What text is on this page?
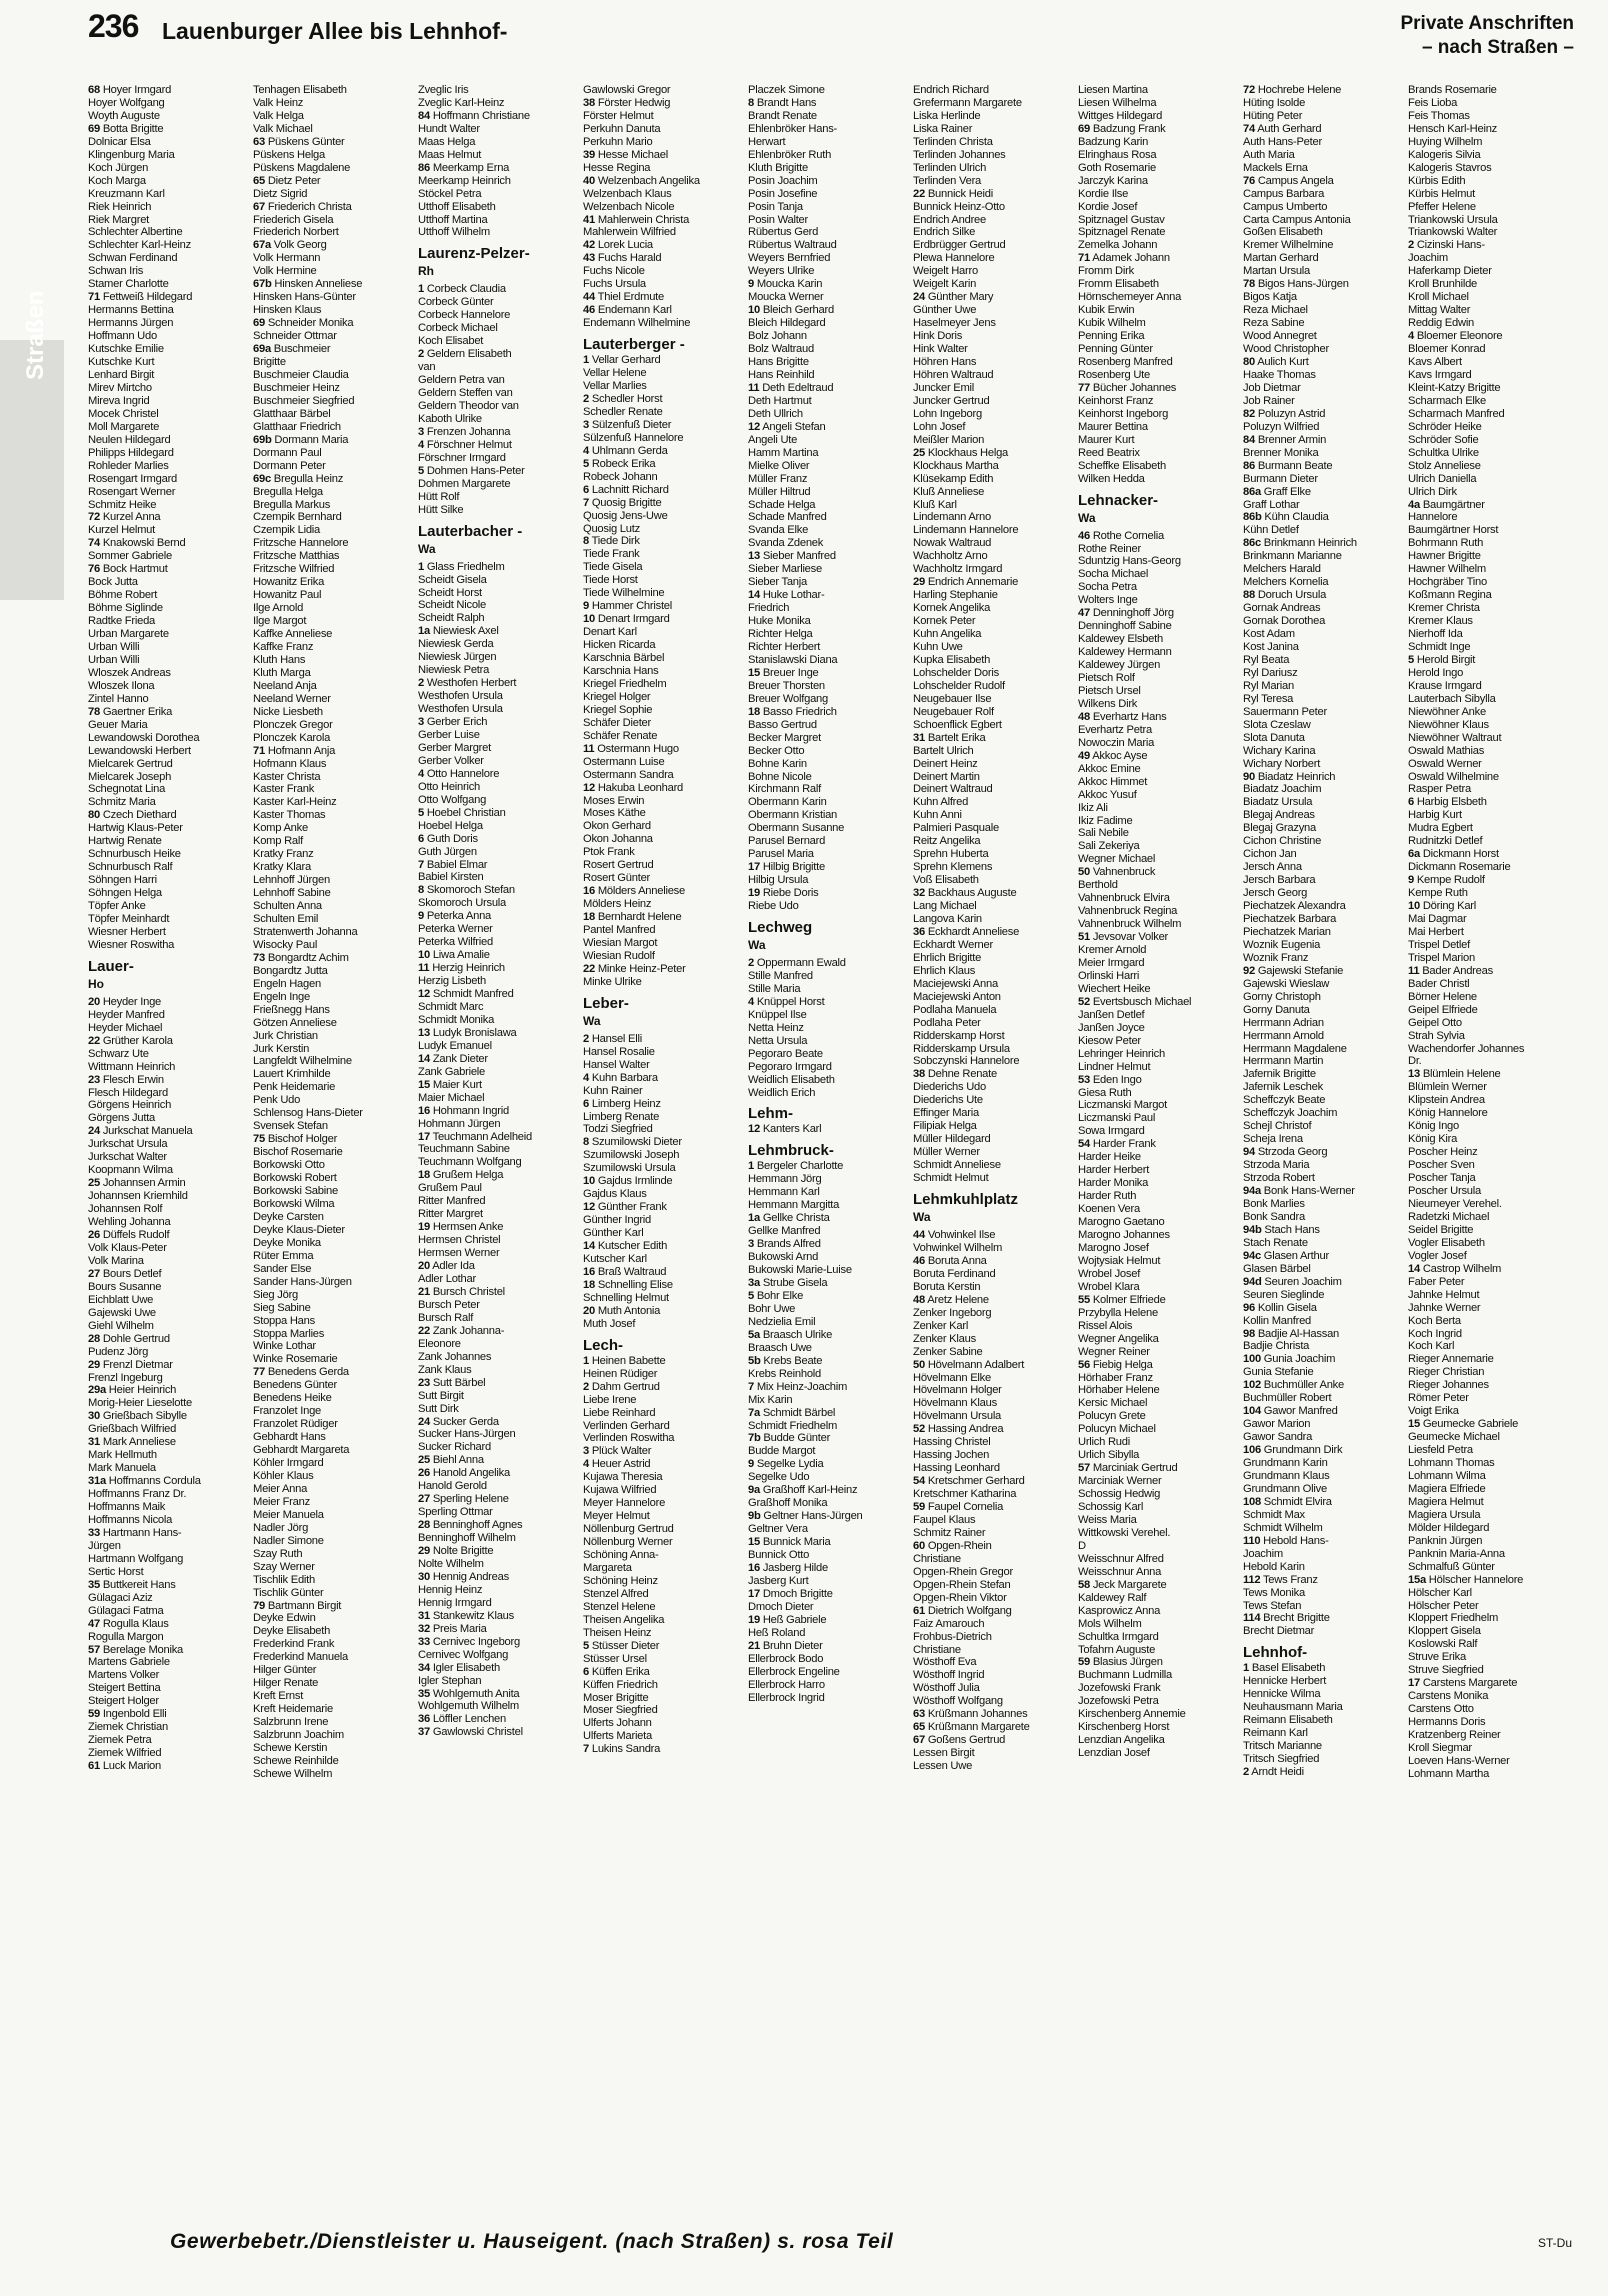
Straßen
236 Lauenburger Allee bis Lehnhof-	Private Anschriften
– nach Straßen –
68 Hoyer Irmgard
Hoyer Wolfgang
Woyth Auguste
69 Botta Brigitte
Dolnicar Elsa
Klingenburg Maria
Koch Jürgen
Koch Marga
Kreuzmann Karl
Riek Heinrich
Riek Margret
Schlechter Albertine
Schlechter Karl-Heinz
Schwan Ferdinand
Schwan Iris
Stamer Charlotte
71 Fettweiß Hildegard
Hermanns Bettina
Hermanns Jürgen
Hoffmann Udo
Kutschke Emilie
Kutschke Kurt
Lenhard Birgit
Mirev Mirtcho
Mireva Ingrid
Mocek Christel
Moll Margarete
Neulen Hildegard
Philipps Hildegard
Rohleder Marlies
Rosengart Irmgard
Rosengart Werner
Schmitz Heike
72 Kurzel Anna
Kurzel Helmut
74 Knakowski Bernd
Sommer Gabriele
76 Bock Hartmut
Bock Jutta
Böhme Robert
Böhme Siglinde
Radtke Frieda
Urban Margarete
Urban Willi
Urban Willi
Wloszek Andreas
Wloszek Ilona
Zintel Hanno
78 Gaertner Erika
Geuer Maria
Lewandowski Dorothea
Lewandowski Herbert
Mielcarek Gertrud
Mielcarek Joseph
Schegnotat Lina
Schmitz Maria
80 Czech Diethard
Hartwig Klaus-Peter
Hartwig Renate
Schnurbusch Heike
Schnurbusch Ralf
Söhngen Harri
Söhngen Helga
Töpfer Anke
Töpfer Meinhardt
Wiesner Herbert
Wiesner Roswitha
Lauer-
Ho
20 Heyder Inge
Heyder Manfred
Heyder Michael
22 Grüther Karola
Schwarz Ute
Wittmann Heinrich
23 Flesch Erwin
Flesch Hildegard
Görgens Heinrich
Görgens Jutta
24 Jurkschat Manuela
Jurkschat Ursula
Jurkschat Walter
Koopmann Wilma
25 Johannsen Armin
Johannsen Kriemhild
Johannsen Rolf
Wehling Johanna
26 Düffels Rudolf
Volk Klaus-Peter
Volk Marina
27 Bours Detlef
Bours Susanne
Eichblatt Uwe
Gajewski Uwe
Giehl Wilhelm
28 Dohle Gertrud
Pudenz Jörg
29 Frenzl Dietmar
Frenzl Ingeburg
29a Heier Heinrich
Morig-Heier Lieselotte
30 Grießbach Sibylle
Grießbach Wilfried
31 Mark Anneliese
Mark Hellmuth
Mark Manuela
31a Hoffmanns Cordula
Hoffmanns Franz Dr.
Hoffmanns Maik
Hoffmanns Nicola
33 Hartmann Hans-
Jürgen
Hartmann Wolfgang
Sertic Horst
35 Buttkereit Hans
Gülagaci Aziz
Gülagaci Fatma
47 Rogulla Klaus
Rogulla Margon
57 Berelage Monika
Martens Gabriele
Martens Volker
Steigert Bettina
Steigert Holger
59 Ingenbold Elli
Ziemek Christian
Ziemek Petra
Ziemek Wilfried
61 Luck Marion
Tenhagen Elisabeth
Valk Heinz
Valk Helga
Valk Michael
63 Püskens Günter
Püskens Helga
Püskens Magdalene
65 Dietz Peter
Dietz Sigrid
67 Friederich Christa
Friederich Gisela
Friederich Norbert
67a Volk Georg
Volk Hermann
Volk Hermine
67b Hinsken Anneliese
Hinsken Hans-Günter
Hinsken Klaus
69 Schneider Monika
Schneider Ottmar
69a Buschmeier
Brigitte
Buschmeier Claudia
Buschmeier Heinz
Buschmeier Siegfried
Glatthaar Bärbel
Glatthaar Friedrich
69b Dormann Maria
Dormann Paul
Dormann Peter
69c Bregulla Heinz
Bregulla Helga
Bregulla Markus
Czempik Bernhard
Czempik Lidia
Fritzsche Hannelore
Fritzsche Matthias
Fritzsche Wilfried
Howanitz Erika
Howanitz Paul
Ilge Arnold
Ilge Margot
Kaffke Anneliese
Kaffke Franz
Kluth Hans
Kluth Marga
Neeland Anja
Neeland Werner
Nicke Liesbeth
Plonczek Gregor
Plonczek Karola
71 Hofmann Anja
Hofmann Klaus
Kaster Christa
Kaster Frank
Kaster Karl-Heinz
Kaster Thomas
Komp Anke
Komp Ralf
Kratky Franz
Kratky Klara
Lehnhoff Jürgen
Lehnhoff Sabine
Schulten Anna
Schulten Emil
Stratenwerth Johanna
Wisocky Paul
73 Bongardtz Achim
Bongardtz Jutta
Engeln Hagen
Engeln Inge
Frießnegg Hans
Götzen Anneliese
Jurk Christian
Jurk Kerstin
Langfeldt Wilhelmine
Lauert Krimhilde
Penk Heidemarie
Penk Udo
Schlensog Hans-Dieter
Svensek Stefan
75 Bischof Holger
Bischof Rosemarie
Borkowski Otto
Borkowski Robert
Borkowski Sabine
Borkowski Wilma
Deyke Carsten
Deyke Klaus-Dieter
Deyke Monika
Rüter Emma
Sander Else
Sander Hans-Jürgen
Sieg Jörg
Sieg Sabine
Stoppa Hans
Stoppa Marlies
Winke Lothar
Winke Rosemarie
77 Benedens Gerda
Benedens Günter
Benedens Heike
Franzolet Inge
Franzolet Rüdiger
Gebhardt Hans
Gebhardt Margareta
Köhler Irmgard
Köhler Klaus
Meier Anna
Meier Franz
Meier Manuela
Nadler Jörg
Nadler Simone
Szay Ruth
Szay Werner
Tischlik Edith
Tischlik Günter
79 Bartmann Birgit
Deyke Edwin
Deyke Elisabeth
Frederkind Frank
Frederkind Manuela
Hilger Günter
Hilger Renate
Kreft Ernst
Kreft Heidemarie
Salzbrunn Irene
Salzbrunn Joachim
Schewe Kerstin
Schewe Reinhilde
Schewe Wilhelm
Zveglic Iris
Zveglic Karl-Heinz
84 Hoffmann Christiane
Hundt Walter
Maas Helga
Maas Helmut
86 Meerkamp Erna
Meerkamp Heinrich
Stöckel Petra
Utthoff Elisabeth
Utthoff Martina
Utthoff Wilhelm
Laurenz-Pelzer-
Rh
1 Corbeck Claudia
Corbeck Günter
Corbeck Hannelore
Corbeck Michael
Koch Elisabet
2 Geldern Elisabeth
van
Geldern Petra van
Geldern Steffen van
Geldern Theodor van
Kaboth Ulrike
3 Frenzen Johanna
4 Förschner Helmut
Förschner Irmgard
5 Dohmen Hans-Peter
Dohmen Margarete
Hütt Rolf
Hütt Silke
Lauterbacher -
Wa
1 Glass Friedhelm
Scheidt Gisela
Scheidt Horst
Scheidt Nicole
Scheidt Ralph
1a Niewiesk Axel
Niewiesk Gerda
Niewiesk Jürgen
Niewiesk Petra
2 Westhofen Herbert
Westhofen Ursula
Westhofen Ursula
3 Gerber Erich
Gerber Luise
Gerber Margret
Gerber Volker
4 Otto Hannelore
Otto Heinrich
Otto Wolfgang
5 Hoebel Christian
Hoebel Helga
6 Guth Doris
Guth Jürgen
7 Babiel Elmar
Babiel Kirsten
8 Skomoroch Stefan
Skomoroch Ursula
9 Peterka Anna
Peterka Werner
Peterka Wilfried
10 Liwa Amalie
11 Herzig Heinrich
Herzig Lisbeth
12 Schmidt Manfred
Schmidt Marc
Schmidt Monika
13 Ludyk Bronislawa
Ludyk Emanuel
14 Zank Dieter
Zank Gabriele
15 Maier Kurt
Maier Michael
16 Hohmann Ingrid
Hohmann Jürgen
17 Teuchmann Adelheid
Teuchmann Sabine
Teuchmann Wolfgang
18 Grußem Helga
Grußem Paul
Ritter Manfred
Ritter Margret
19 Hermsen Anke
Hermsen Christel
Hermsen Werner
20 Adler Ida
Adler Lothar
21 Bursch Christel
Bursch Peter
Bursch Ralf
22 Zank Johanna-
Eleonore
Zank Johannes
Zank Klaus
23 Sutt Bärbel
Sutt Birgit
Sutt Dirk
24 Sucker Gerda
Sucker Hans-Jürgen
Sucker Richard
25 Biehl Anna
26 Hanold Angelika
Hanold Gerold
27 Sperling Helene
Sperling Ottmar
28 Benninghoff Agnes
Benninghoff Wilhelm
29 Nolte Brigitte
Nolte Wilhelm
30 Hennig Andreas
Hennig Heinz
Hennig Irmgard
31 Stankewitz Klaus
32 Preis Maria
33 Cernivec Ingeborg
Cernivec Wolfgang
34 Igler Elisabeth
Igler Stephan
35 Wohlgemuth Anita
Wohlgemuth Wilhelm
36 Löffler Lenchen
37 Gawlowski Christel
Gawlowski Gregor
38 Förster Hedwig
Förster Helmut
Perkuhn Danuta
Perkuhn Mario
39 Hesse Michael
Hesse Regina
40 Welzenbach Angelika
Welzenbach Klaus
Welzenbach Nicole
41 Mahlerwein Christa
Mahlerwein Wilfried
42 Lorek Lucia
43 Fuchs Harald
Fuchs Nicole
Fuchs Ursula
44 Thiel Erdmute
46 Endemann Karl
Endemann Wilhelmine
Lauterberger -
1 Vellar Gerhard
Vellar Helene
Vellar Marlies
2 Schedler Horst
Schedler Renate
3 Sülzenfuß Dieter
Sülzenfuß Hannelore
4 Uhlmann Gerda
5 Robeck Erika
Robeck Johann
6 Lachnitt Richard
7 Quosig Brigitte
Quosig Jens-Uwe
Quosig Lutz
8 Tiede Dirk
Tiede Frank
Tiede Gisela
Tiede Horst
Tiede Wilhelmine
9 Hammer Christel
10 Denart Irmgard
Denart Karl
Hicken Ricarda
Karschnia Bärbel
Karschnia Hans
Kriegel Friedhelm
Kriegel Holger
Kriegel Sophie
Schäfer Dieter
Schäfer Renate
11 Ostermann Hugo
Ostermann Luise
Ostermann Sandra
12 Hakuba Leonhard
Moses Erwin
Moses Käthe
Okon Gerhard
Okon Johanna
Ptok Frank
Rosert Gertrud
Rosert Günter
16 Mölders Anneliese
Mölders Heinz
18 Bernhardt Helene
Pantel Manfred
Wiesian Margot
Wiesian Rudolf
22 Minke Heinz-Peter
Minke Ulrike
Leber-
Wa
2 Hansel Elli
Hansel Rosalie
Hansel Walter
4 Kuhn Barbara
Kuhn Rainer
6 Limberg Heinz
Limberg Renate
Todzi Siegfried
8 Szumilowski Dieter
Szumilowski Joseph
Szumilowski Ursula
10 Gajdus Irmlinde
Gajdus Klaus
12 Günther Frank
Günther Ingrid
Günther Karl
14 Kutscher Edith
Kutscher Karl
16 Braß Waltraud
18 Schnelling Elise
Schnelling Helmut
20 Muth Antonia
Muth Josef
Lech-
1 Heinen Babette
Heinen Rüdiger
2 Dahm Gertrud
Liebe Irene
Liebe Reinhard
Verlinden Gerhard
Verlinden Roswitha
3 Plück Walter
4 Heuer Astrid
Kujawa Theresia
Kujawa Wilfried
Meyer Hannelore
Meyer Helmut
Nöllenburg Gertrud
Nöllenburg Werner
Schöning Anna-
Margareta
Schöning Heinz
Stenzel Alfred
Stenzel Helene
Theisen Angelika
Theisen Heinz
5 Stüsser Dieter
Stüsser Ursel
6 Küffen Erika
Küffen Friedrich
Moser Brigitte
Moser Siegfried
Ulferts Johann
Ulferts Marieta
7 Lukins Sandra
Placzek Simone
8 Brandt Hans
Brandt Renate
Ehlenbröker Hans-
Herwart
Ehlenbröker Ruth
Kluth Brigitte
Posin Joachim
Posin Josefine
Posin Tanja
Posin Walter
Rübertus Gerd
Rübertus Waltraud
Weyers Bernfried
Weyers Ulrike
9 Moucka Karin
Moucka Werner
10 Bleich Gerhard
Bleich Hildegard
Bolz Johann
Bolz Waltraud
Hans Brigitte
Hans Reinhild
11 Deth Edeltraud
Deth Hartmut
Deth Ullrich
12 Angeli Stefan
Angeli Ute
Hamm Martina
Mielke Oliver
Müller Franz
Müller Hiltrud
Schade Helga
Schade Manfred
Svanda Elke
Svanda Zdenek
13 Sieber Manfred
Sieber Marliese
Sieber Tanja
14 Huke Lothar-
Friedrich
Huke Monika
Richter Helga
Richter Herbert
Stanislawski Diana
15 Breuer Inge
Breuer Thorsten
Breuer Wolfgang
18 Basso Friedrich
Basso Gertrud
Becker Margret
Becker Otto
Bohne Karin
Bohne Nicole
Kirchmann Ralf
Obermann Karin
Obermann Kristian
Obermann Susanne
Parusel Bernard
Parusel Maria
17 Hilbig Brigitte
Hilbig Ursula
19 Riebe Doris
Riebe Udo
Lechweg
Wa
2 Oppermann Ewald
Stille Manfred
Stille Maria
4 Knüppel Horst
Knüppel Ilse
Netta Heinz
Netta Ursula
Pegoraro Beate
Pegoraro Irmgard
Weidlich Elisabeth
Weidlich Erich
Lehm-
12 Kanters Karl
Lehmbruck-
1 Bergeler Charlotte
Hemmann Jörg
Hemmann Karl
Hemmann Margitta
1a Gellke Christa
Gellke Manfred
3 Brands Alfred
Bukowski Arnd
Bukowski Marie-Luise
3a Strube Gisela
5 Bohr Elke
Bohr Uwe
Nedzielia Emil
5a Braasch Ulrike
Braasch Uwe
5b Krebs Beate
Krebs Reinhold
7 Mix Heinz-Joachim
Mix Karin
7a Schmidt Bärbel
Schmidt Friedhelm
7b Budde Günter
Budde Margot
9 Segelke Lydia
Segelke Udo
9a Graßhoff Karl-Heinz
Graßhoff Monika
9b Geltner Hans-Jürgen
Geltner Vera
15 Bunnick Maria
Bunnick Otto
16 Jasberg Hilde
Jasberg Kurt
17 Dmoch Brigitte
Dmoch Dieter
19 Heß Gabriele
Heß Roland
21 Bruhn Dieter
Ellerbrock Bodo
Ellerbrock Engeline
Ellerbrock Harro
Ellerbrock Ingrid
Endrich Richard
Grefermann Margarete
Liska Herlinde
Liska Rainer
Terlinden Christa
Terlinden Johannes
Terlinden Ulrich
Terlinden Vera
22 Bunnick Heidi
Bunnick Heinz-Otto
Endrich Andree
Endrich Silke
Erdbrügger Gertrud
Plewa Hannelore
Weigelt Harro
Weigelt Karin
24 Günther Mary
Günther Uwe
Haselmeyer Jens
Hink Doris
Hink Walter
Höhren Hans
Höhren Waltraud
Juncker Emil
Juncker Gertrud
Lohn Ingeborg
Lohn Josef
Meißler Marion
25 Klockhaus Helga
Klockhaus Martha
Klüsekamp Edith
Kluß Anneliese
Kluß Karl
Lindemann Arno
Lindemann Hannelore
Nowak Waltraud
Wachholtz Arno
Wachholtz Irmgard
29 Endrich Annemarie
Harling Stephanie
Kornek Angelika
Kornek Peter
Kuhn Angelika
Kuhn Uwe
Kupka Elisabeth
Lohschelder Doris
Lohschelder Rudolf
Neugebauer Ilse
Neugebauer Rolf
Schoenflick Egbert
31 Bartelt Erika
Bartelt Ulrich
Deinert Heinz
Deinert Martin
Deinert Waltraud
Kuhn Alfred
Kuhn Anni
Palmieri Pasquale
Reitz Angelika
Sprehn Huberta
Sprehn Klemens
Voß Elisabeth
32 Backhaus Auguste
Lang Michael
Langova Karin
36 Eckhardt Anneliese
Eckhardt Werner
Ehrlich Brigitte
Ehrlich Klaus
Maciejewski Anna
Maciejewski Anton
Podlaha Manuela
Podlaha Peter
Ridderskamp Horst
Ridderskamp Ursula
Sobczynski Hannelore
38 Dehne Renate
Diederichs Udo
Diederichs Ute
Effinger Maria
Filipiak Helga
Müller Hildegard
Müller Werner
Schmidt Anneliese
Schmidt Helmut
Lehmkuhlplatz
Wa
44 Vohwinkel Ilse
Vohwinkel Wilhelm
46 Boruta Anna
Boruta Ferdinand
Boruta Kerstin
48 Aretz Helene
Zenker Ingeborg
Zenker Karl
Zenker Klaus
Zenker Sabine
50 Hövelmann Adalbert
Hövelmann Elke
Hövelmann Holger
Hövelmann Klaus
Hövelmann Ursula
52 Hassing Andrea
Hassing Christel
Hassing Jochen
Hassing Leonhard
54 Kretschmer Gerhard
Kretschmer Katharina
59 Faupel Cornelia
Faupel Klaus
Schmitz Rainer
60 Opgen-Rhein
Christiane
Opgen-Rhein Gregor
Opgen-Rhein Stefan
Opgen-Rhein Viktor
61 Dietrich Wolfgang
Faiz Amarouch
Frohbus-Dietrich
Christiane
Wösthoff Eva
Wösthoff Ingrid
Wösthoff Julia
Wösthoff Wolfgang
63 Krüßmann Johannes
65 Krüßmann Margarete
67 Goßens Gertrud
Lessen Birgit
Lessen Uwe
Liesen Martina
Liesen Wilhelma
Wittges Hildegard
69 Badzung Frank
Badzung Karin
Elringhaus Rosa
Goth Rosemarie
Jarczyk Karina
Kordie Ilse
Kordie Josef
Spitznagel Gustav
Spitznagel Renate
Zemelka Johann
71 Adamek Johann
Fromm Dirk
Fromm Elisabeth
Hörnschemeyer Anna
Kubik Erwin
Kubik Wilhelm
Penning Erika
Penning Günter
Rosenberg Manfred
Rosenberg Ute
77 Bücher Johannes
Keinhorst Franz
Keinhorst Ingeborg
Maurer Bettina
Maurer Kurt
Reed Beatrix
Scheffke Elisabeth
Wilken Hedda
Lehnacker-
Wa
46 Rothe Cornelia
Rothe Reiner
Sduntzig Hans-Georg
Socha Michael
Socha Petra
Wolters Inge
47 Denninghoff Jörg
Denninghoff Sabine
Kaldewey Elsbeth
Kaldewey Hermann
Kaldewey Jürgen
Pietsch Rolf
Pietsch Ursel
Wilkens Dirk
48 Everhartz Hans
Everhartz Petra
Nowoczin Maria
49 Akkoc Ayse
Akkoc Emine
Akkoc Himmet
Akkoc Yusuf
Ikiz Ali
Ikiz Fadime
Sali Nebile
Sali Zekeriya
Wegner Michael
50 Vahnenbruck
Berthold
Vahnenbruck Elvira
Vahnenbruck Regina
Vahnenbruck Wilhelm
51 Jevsovar Volker
Kremer Arnold
Meier Irmgard
Orlinski Harri
Wiechert Heike
52 Evertsbusch Michael
Janßen Detlef
Janßen Joyce
Kiesow Peter
Lehringer Heinrich
Lindner Helmut
53 Eden Ingo
Giesa Ruth
Liczmanski Margot
Liczmanski Paul
Sowa Irmgard
54 Harder Frank
Harder Heike
Harder Herbert
Harder Monika
Harder Ruth
Koenen Vera
Marogno Gaetano
Marogno Johannes
Marogno Josef
Wojtysiak Helmut
Wrobel Josef
Wrobel Klara
55 Kolmer Elfriede
Przybylla Helene
Rissel Alois
Wegner Angelika
Wegner Reiner
56 Fiebig Helga
Hörhaber Franz
Hörhaber Helene
Kersic Michael
Polucyn Grete
Polucyn Michael
Urlich Rudi
Urlich Sibylla
57 Marciniak Gertrud
Marciniak Werner
Schossig Hedwig
Schossig Karl
Weiss Maria
Wittkowski Verehel.
D
Weisschnur Alfred
Weisschnur Anna
58 Jeck Margarete
Kaldewey Ralf
Kasprowicz Anna
Mols Wilhelm
Schultka Irmgard
Tofahrn Auguste
59 Blasius Jürgen
Buchmann Ludmilla
Jozefowski Frank
Jozefowski Petra
Kirschenberg Annemie
Kirschenberg Horst
Lenzdian Angelika
Lenzdian Josef
72 Hochrebe Helene
Hüting Isolde
Hüting Peter
74 Auth Gerhard
Auth Hans-Peter
Auth Maria
Mackels Erna
76 Campus Angela
Campus Barbara
Campus Umberto
Carta Campus Antonia
Goßen Elisabeth
Kremer Wilhelmine
Martan Gerhard
Martan Ursula
78 Bigos Hans-Jürgen
Bigos Katja
Reza Michael
Reza Sabine
Wood Annegret
Wood Christopher
80 Aulich Kurt
Haake Thomas
Job Dietmar
Job Rainer
82 Poluzyn Astrid
Poluzyn Wilfried
84 Brenner Armin
Brenner Monika
86 Burmann Beate
Burmann Dieter
86a Graff Elke
Graff Lothar
86b Kühn Claudia
Kühn Detlef
86c Brinkmann Heinrich
Brinkmann Marianne
Melchers Harald
Melchers Kornelia
88 Doruch Ursula
Gornak Andreas
Gornak Dorothea
Kost Adam
Kost Janina
Ryl Beata
Ryl Dariusz
Ryl Marian
Ryl Teresa
Sauermann Peter
Slota Czeslaw
Slota Danuta
Wichary Karina
Wichary Norbert
90 Biadatz Heinrich
Biadatz Joachim
Biadatz Ursula
Blegaj Andreas
Blegaj Grazyna
Cichon Christine
Cichon Jan
Jersch Anna
Jersch Barbara
Jersch Georg
Piechatzek Alexandra
Piechatzek Barbara
Piechatzek Marian
Woznik Eugenia
Woznik Franz
92 Gajewski Stefanie
Gajewski Wieslaw
Gorny Christoph
Gorny Danuta
Herrmann Adrian
Herrmann Arnold
Herrmann Magdalene
Herrmann Martin
Jafernik Brigitte
Jafernik Leschek
Scheffczyk Beate
Scheffczyk Joachim
Schejl Christof
Scheja Irena
94 Strzoda Georg
Strzoda Maria
Strzoda Robert
94a Bonk Hans-Werner
Bonk Marlies
Bonk Sandra
94b Stach Hans
Stach Renate
94c Glasen Arthur
Glasen Bärbel
94d Seuren Joachim
Seuren Sieglinde
96 Kollin Gisela
Kollin Manfred
98 Badjie Al-Hassan
Badjie Christa
100 Gunia Joachim
Gunia Stefanie
102 Buchmüller Anke
Buchmüller Robert
104 Gawor Manfred
Gawor Marion
Gawor Sandra
106 Grundmann Dirk
Grundmann Karin
Grundmann Klaus
Grundmann Olive
108 Schmidt Elvira
Schmidt Max
Schmidt Wilhelm
110 Hebold Hans-
Joachim
Hebold Karin
112 Tews Franz
Tews Monika
Tews Stefan
114 Brecht Brigitte
Brecht Dietmar
Lehnhof-
1 Basel Elisabeth
Hennicke Herbert
Hennicke Wilma
Neuhausmann Maria
Reimann Elisabeth
Reimann Karl
Tritsch Marianne
Tritsch Siegfried
2 Arndt Heidi
Brands Rosemarie
Feis Lioba
Feis Thomas
Hensch Karl-Heinz
Huying Wilhelm
Kalogeris Silvia
Kalogeris Stavros
Kürbis Edith
Kürbis Helmut
Pfeffer Helene
Triankowski Ursula
Triankowski Walter
2 Cizinski Hans-
Joachim
Haferkamp Dieter
Kroll Brunhilde
Kroll Michael
Mittag Walter
Reddig Edwin
4 Bloemer Eleonore
Bloemer Konrad
Kavs Albert
Kavs Irmgard
Kleint-Katzy Brigitte
Scharmach Elke
Scharmach Manfred
Schröder Heike
Schröder Sofie
Schultka Ulrike
Stolz Anneliese
Ulrich Daniella
Ulrich Dirk
4a Baumgärtner
Hannelore
Baumgärtner Horst
Bohrmann Ruth
Hawner Brigitte
Hawner Wilhelm
Hochgräber Tino
Koßmann Regina
Kremer Christa
Kremer Klaus
Nierhoff Ida
Schmidt Inge
5 Herold Birgit
Herold Ingo
Krause Irmgard
Lauterbach Sibylla
Niewöhner Anke
Niewöhner Klaus
Niewöhner Waltraut
Oswald Mathias
Oswald Werner
Oswald Wilhelmine
Rasper Petra
6 Harbig Elsbeth
Harbig Kurt
Mudra Egbert
Rudnitzki Detlef
6a Dickmann Horst
Dickmann Rosemarie
9 Kempe Rudolf
Kempe Ruth
10 Döring Karl
Mai Dagmar
Mai Herbert
Trispel Detlef
Trispel Marion
11 Bader Andreas
Bader Christl
Börner Helene
Geipel Elfriede
Geipel Otto
Strah Sylvia
Wachendorfer Johannes
Dr.
13 Blümlein Helene
Blümlein Werner
Klipstein Andrea
König Hannelore
König Ingo
König Kira
Poscher Heinz
Poscher Sven
Poscher Tanja
Poscher Ursula
Nieumeyer Verehel.
Radetzki Michael
Seidel Brigitte
Vogler Elisabeth
Vogler Josef
14 Castrop Wilhelm
Faber Peter
Jahnke Helmut
Jahnke Werner
Koch Berta
Koch Ingrid
Koch Karl
Rieger Annemarie
Rieger Christian
Rieger Johannes
Römer Peter
Voigt Erika
15 Geumecke Gabriele
Geumecke Michael
Liesfeld Petra
Lohmann Thomas
Lohmann Wilma
Magiera Elfriede
Magiera Helmut
Magiera Ursula
Mölder Hildegard
Panknin Jürgen
Panknin Maria-Anna
Schmalfuß Günter
15a Hölscher Hannelore
Hölscher Karl
Hölscher Peter
Kloppert Friedhelm
Kloppert Gisela
Koslowski Ralf
Struve Erika
Struve Siegfried
17 Carstens Margarete
Carstens Monika
Carstens Otto
Hermanns Doris
Kratzenberg Reiner
Kroll Siegmar
Loeven Hans-Werner
Lohmann Martha
Gewerbebetr./Dienstleister u. Hauseigent. (nach Straßen) s. rosa Teil	ST-Du
